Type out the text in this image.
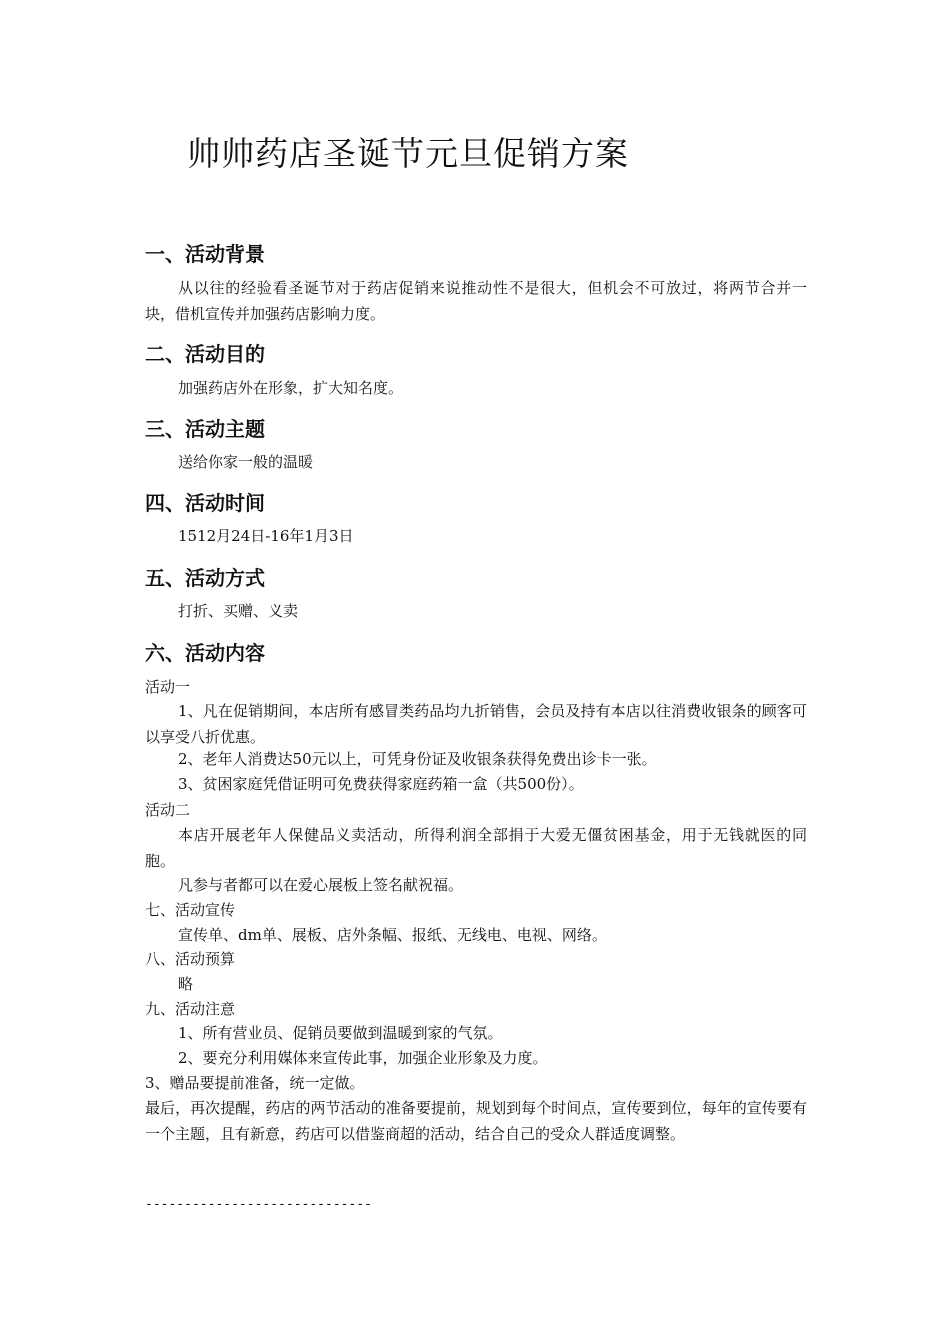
帅帅药店圣诞节元旦促销方案
一、活动背景
从以往的经验看圣诞节对于药店促销来说推动性不是很大，但机会不可放过，将两节合并一块，借机宣传并加强药店影响力度。
二、活动目的
加强药店外在形象，扩大知名度。
三、活动主题
送给你家一般的温暖
四、活动时间
1512月24日-16年1月3日
五、活动方式
打折、买赠、义卖
六、活动内容
活动一
1、凡在促销期间，本店所有感冒类药品均九折销售，会员及持有本店以往消费收银条的顾客可以享受八折优惠。
2、老年人消费达50元以上，可凭身份证及收银条获得免费出诊卡一张。
3、贫困家庭凭借证明可免费获得家庭药箱一盒（共500份）。
活动二
本店开展老年人保健品义卖活动，所得利润全部捐于大爱无僵贫困基金，用于无钱就医的同胞。
凡参与者都可以在爱心展板上签名献祝福。
七、活动宣传
宣传单、dm单、展板、店外条幅、报纸、无线电、电视、网络。
八、活动预算
略
九、活动注意
1、所有营业员、促销员要做到温暖到家的气氛。
2、要充分利用媒体来宣传此事，加强企业形象及力度。
3、赠品要提前准备，统一定做。
最后，再次提醒，药店的两节活动的准备要提前，规划到每个时间点，宣传要到位，每年的宣传要有一个主题，且有新意，药店可以借鉴商超的活动，结合自己的受众人群适度调整。
-----------------------------
